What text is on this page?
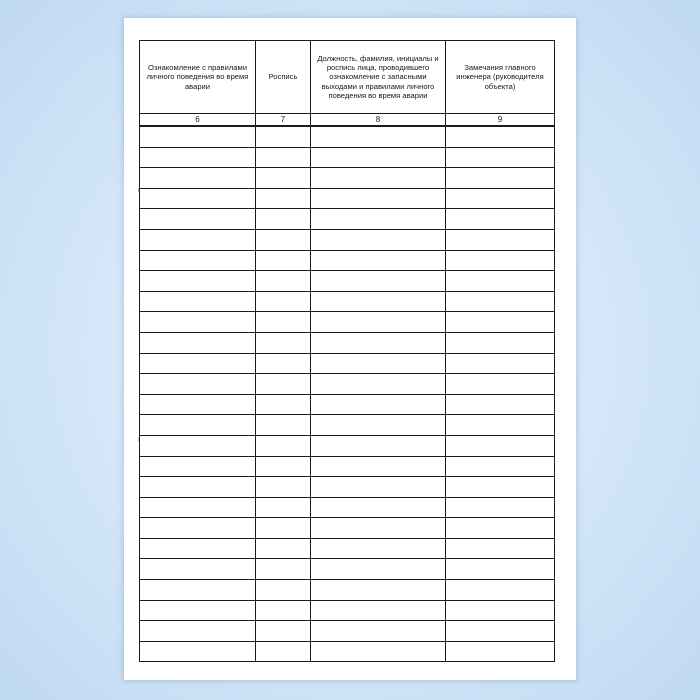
Ознакомление с правилами личного поведения во время аварии	Роспись	Должность, фамилия, инициалы и роспись лица, проводившего ознакомление с запасными выходами и правилами личного поведения во время аварии	Замечания главного инженера (руководителя объекта)
6	7	8	9
